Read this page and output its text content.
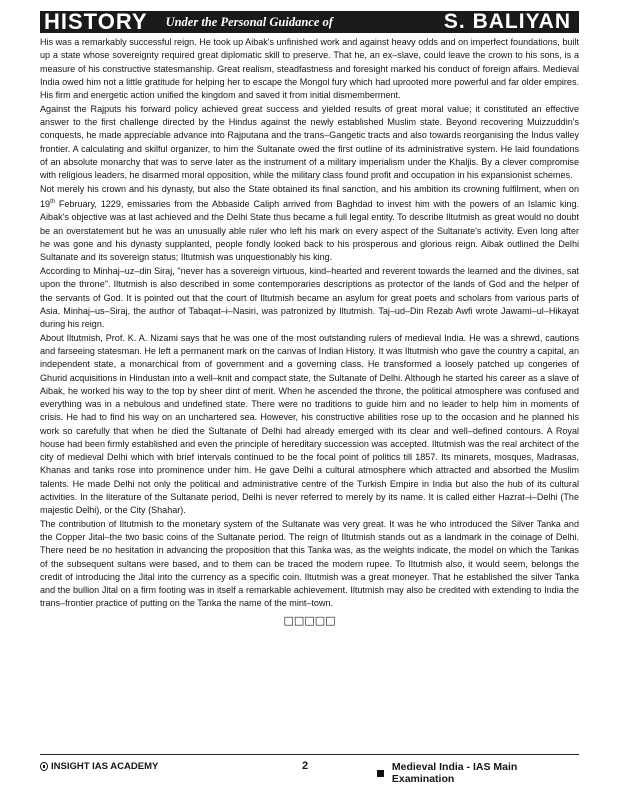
HISTORY Under the Personal Guidance of	S. BALIYAN

His was a remarkably successful reign. He took up Aibak's unfinished work and against heavy odds and on imperfect foundations, built up a state whose sovereignty required great diplomatic skill to preserve. That he, an ex–slave, could leave the crown to his sons, is a measure of his constructive statesmanship. Great realism, steadfastness and foresight marked his conduct of foreign affairs. Medieval India owed him not a little gratitude for helping her to escape the Mongol fury which had uprooted more powerful and far older empires. His firm and energetic action unified the kingdom and saved it from initial dismemberment.

Against the Rajputs his forward policy achieved great success and yielded results of great moral value; it constituted an effective answer to the first challenge directed by the Hindus against the newly established Muslim state. Beyond recovering Muizzuddin's conquests, he made appreciable advance into Rajputana and the trans–Gangetic tracts and also towards reorganising the Indus valley frontier. A calculating and skilful organizer, to him the Sultanate owed the first outline of its administrative system. He laid foundations of an absolute monarchy that was to serve later as the instrument of a military imperialism under the Khaljis. By a clever compromise with religious leaders, he disarmed moral opposition, while the military class found profit and occupation in his expansionist schemes.

Not merely his crown and his dynasty, but also the State obtained its final sanction, and his ambition its crowning fulfilment, when on 19th February, 1229, emissaries from the Abbaside Caliph arrived from Baghdad to invest him with the powers of an Islamic king. Aibak's objective was at last achieved and the Delhi State thus became a full legal entity. To describe Iltutmish as great would no doubt be an overstatement but he was an unusually able ruler who left his mark on every aspect of the Sultanate's activity. Even long after he was gone and his dynasty supplanted, people fondly looked back to his prosperous and glorious reign. Aibak outlined the Delhi Sultanate and its sovereign status; Iltutmish was unquestionably his king.

According to Minhaj–uz–din Siraj, "never has a sovereign virtuous, kind–hearted and reverent towards the learned and the divines, sat upon the throne". Iltutmish is also described in some contemporaries descriptions as protector of the lands of God and the helper of the servants of God. It is pointed out that the court of Iltutmish became an asylum for great poets and scholars from various parts of Asia. Minhaj–us–Siraj, the author of Tabaqat–i–Nasiri, was patronized by Iltutmish. Taj–ud–Din Rezab Awfi wrote Jawami–ul–Hikayat during his reign.

About Iltutmish, Prof. K. A. Nizami says that he was one of the most outstanding rulers of medieval India. He was a shrewd, cautions and farseeing statesman. He left a permanent mark on the canvas of Indian History. It was Iltutmish who gave the country a capital, an independent state, a monarchical from of government and a governing class. He transformed a loosely patched up congeries of Ghurid acquisitions in Hindustan into a well–knit and compact state, the Sultanate of Delhi. Although he started his career as a slave of Aibak, he worked his way to the top by sheer dint of merit. When he ascended the throne, the political atmosphere was confused and everything was in a nebulous and undefined state. There were no traditions to guide him and no leader to help him in moments of crisis. He had to find his way on an unchartered sea. However, his constructive abilities rose up to the occasion and he planned his work so carefully that when he died the Sultanate of Delhi had already emerged with its clear and well–defined contours. A Royal house had been firmly established and even the principle of hereditary succession was accepted. Iltutmish was the real architect of the city of medieval Delhi which with brief intervals continued to be the focal point of politics till 1857. Its minarets, mosques, Madrasas, Khanas and tanks rose into prominence under him. He gave Delhi a cultural atmosphere which attracted and absorbed the Muslim talents. He made Delhi not only the political and administrative centre of the Turkish Empire in India but also the hub of its cultural activities. In the literature of the Sultanate period, Delhi is never referred to merely by its name. It is called either Hazrat–i–Delhi (The majestic Delhi), or the City (Shahar).

The contribution of Iltutmish to the monetary system of the Sultanate was very great. It was he who introduced the Silver Tanka and the Copper Jital–the two basic coins of the Sultanate period. The reign of Iltutmish stands out as a landmark in the coinage of Delhi. There need be no hesitation in advancing the proposition that this Tanka was, as the weights indicate, the model on which the Tankas of the subsequent sultans were based, and to them can be traced the modern rupee. To Iltutmish also, it would seem, belongs the credit of introducing the Jital into the currency as a specific coin. Iltutmish was a great moneyer. That he established the silver Tanka and the bullion Jital on a firm footing was in itself a remarkable achievement. Iltutmish may also be credited with extending to India the trans–frontier practice of putting on the Tanka the name of the mint–town.

□□□□□
INSIGHT IAS ACADEMY	2	Medieval India - IAS Main Examination
